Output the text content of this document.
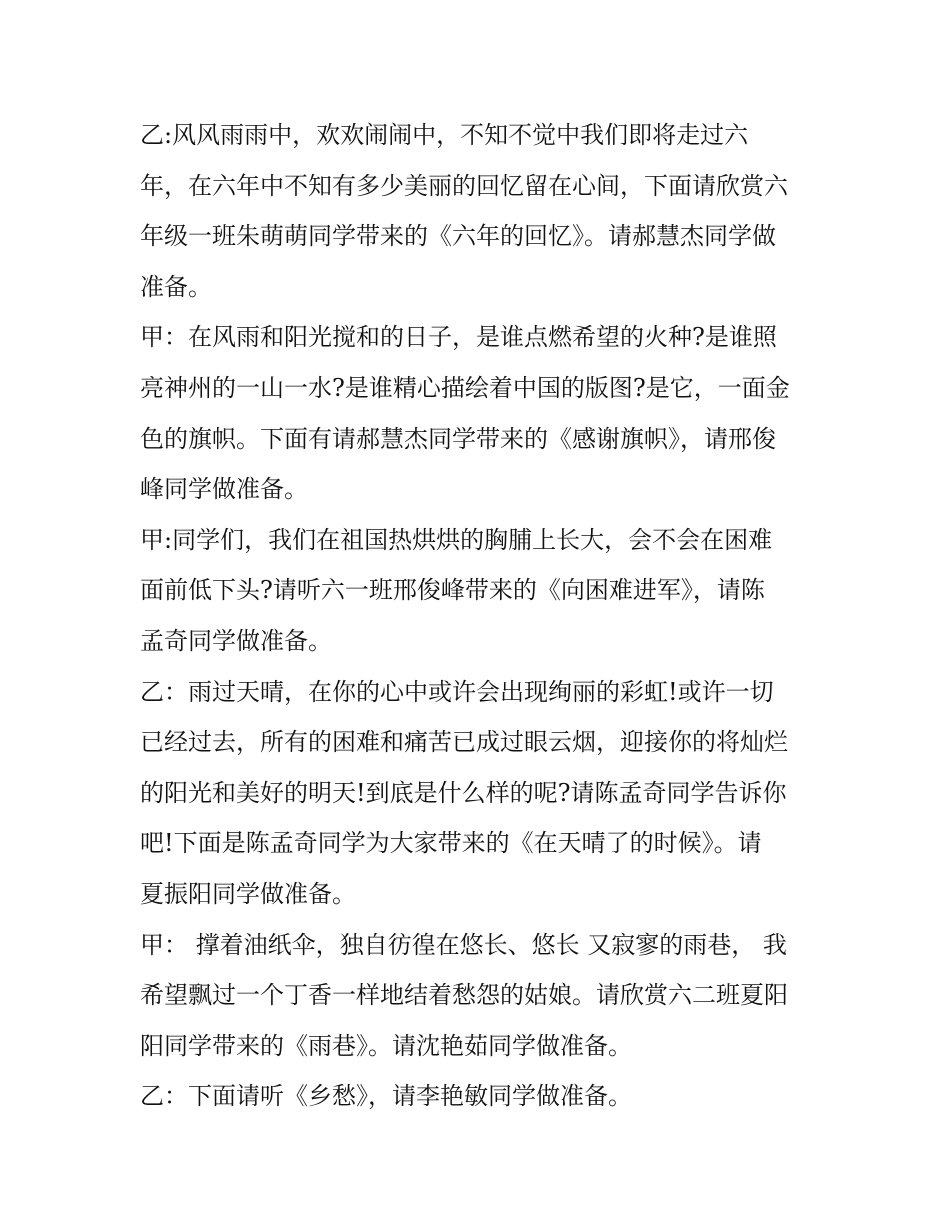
乙:风风雨雨中，欢欢闹闹中，不知不觉中我们即将走过六
年，在六年中不知有多少美丽的回忆留在心间，下面请欣赏六
年级一班朱萌萌同学带来的《六年的回忆》。请郝慧杰同学做
准备。
甲：在风雨和阳光搅和的日子，是谁点燃希望的火种?是谁照
亮神州的一山一水?是谁精心描绘着中国的版图?是它，一面金
色的旗帜。下面有请郝慧杰同学带来的《感谢旗帜》，请邢俊
峰同学做准备。
甲:同学们，我们在祖国热烘烘的胸脯上长大，会不会在困难
面前低下头?请听六一班邢俊峰带来的《向困难进军》，请陈
孟奇同学做准备。
乙：雨过天晴，在你的心中或许会出现绚丽的彩虹!或许一切
已经过去，所有的困难和痛苦已成过眼云烟，迎接你的将灿烂
的阳光和美好的明天!到底是什么样的呢?请陈孟奇同学告诉你
吧!下面是陈孟奇同学为大家带来的《在天晴了的时候》。请
夏振阳同学做准备。
甲： 撑着油纸伞，独自彷徨在悠长、悠长 又寂寥的雨巷， 我
希望飘过一个丁香一样地结着愁怨的姑娘。请欣赏六二班夏阳
阳同学带来的《雨巷》。请沈艳茹同学做准备。
乙：下面请听《乡愁》，请李艳敏同学做准备。
